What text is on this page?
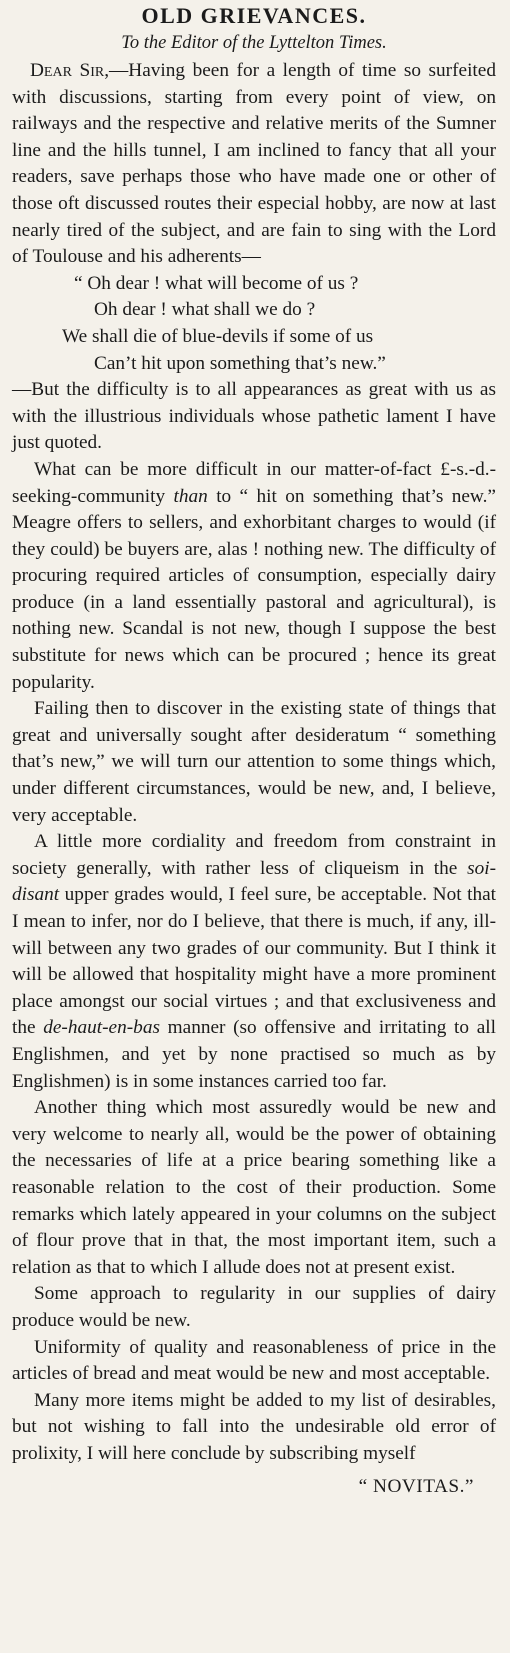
OLD GRIEVANCES.
To the Editor of the Lyttelton Times.

Dear Sir,—Having been for a length of time so surfeited with discussions, starting from every point of view, on railways and the respective and relative merits of the Sumner line and the hills tunnel, I am inclined to fancy that all your readers, save perhaps those who have made one or other of those oft discussed routes their especial hobby, are now at last nearly tired of the subject, and are fain to sing with the Lord of Toulouse and his adherents—

“ Oh dear ! what will become of us ?
Oh dear ! what shall we do ?
We shall die of blue-devils if some of us
Can’t hit upon something that’s new.”

—But the difficulty is to all appearances as great with us as with the illustrious individuals whose pathetic lament I have just quoted.

What can be more difficult in our matter-of-fact £-s.-d.-seeking-community than to “ hit on something that’s new.” Meagre offers to sellers, and exhorbitant charges to would (if they could) be buyers are, alas ! nothing new. The difficulty of procuring required articles of consumption, especially dairy produce (in a land essentially pastoral and agricultural), is nothing new. Scandal is not new, though I suppose the best substitute for news which can be procured ; hence its great popularity.

Failing then to discover in the existing state of things that great and universally sought after desideratum “ something that’s new,” we will turn our attention to some things which, under different circumstances, would be new, and, I believe, very acceptable.

A little more cordiality and freedom from constraint in society generally, with rather less of cliqueism in the soi-disant upper grades would, I feel sure, be acceptable. Not that I mean to infer, nor do I believe, that there is much, if any, ill-will between any two grades of our community. But I think it will be allowed that hospitality might have a more prominent place amongst our social virtues ; and that exclusiveness and the de-haut-en-bas manner (so offensive and irritating to all Englishmen, and yet by none practised so much as by Englishmen) is in some instances carried too far.

Another thing which most assuredly would be new and very welcome to nearly all, would be the power of obtaining the necessaries of life at a price bearing something like a reasonable relation to the cost of their production. Some remarks which lately appeared in your columns on the subject of flour prove that in that, the most important item, such a relation as that to which I allude does not at present exist.

Some approach to regularity in our supplies of dairy produce would be new.

Uniformity of quality and reasonableness of price in the articles of bread and meat would be new and most acceptable.

Many more items might be added to my list of desirables, but not wishing to fall into the undesirable old error of prolixity, I will here conclude by subscribing myself

“ NOVITAS.”
